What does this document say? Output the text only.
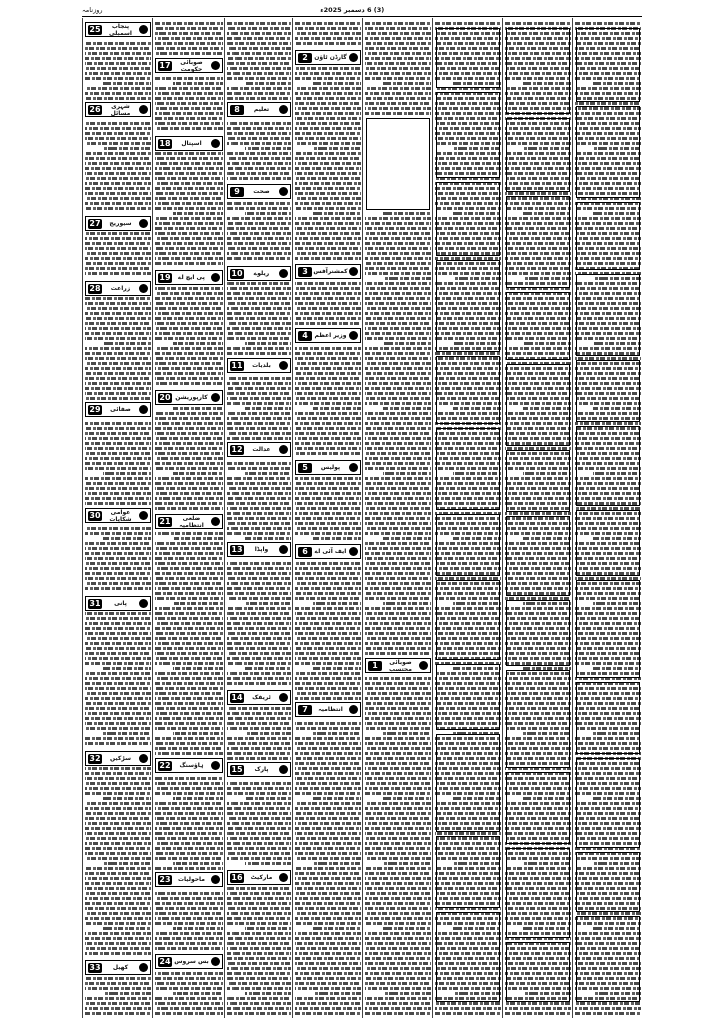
روزنامہ	(3) 6 دسمبر 2025ء
25	پنجاب اسمبلی
26	شہری مسائل
27	سیوریج
28	زراعت
29	صفائی
30	عوامی شکایات
31	پانی
32	سڑکیں
33	کھیل
17	صوبائی حکومت
18	اسپتال
19	پی ایچ اے
20 کارپوریشن
21	ضلعی انتظامیہ
22	ہاؤسنگ
23	ماحولیات
24 بس سروس
8	تعلیم
9	صحت
10	ریلوے
11	بلدیات
12	عدالت
13	واپڈا
14	ٹریفک
15	پارک
16	مارکیٹ
2	گارڈن ٹاؤن
3 کمشنرآفس
4	وزیر اعظم
5	پولیس
6	ایف آئی اے
7	انتظامیہ
1	صوبائی محتسب
